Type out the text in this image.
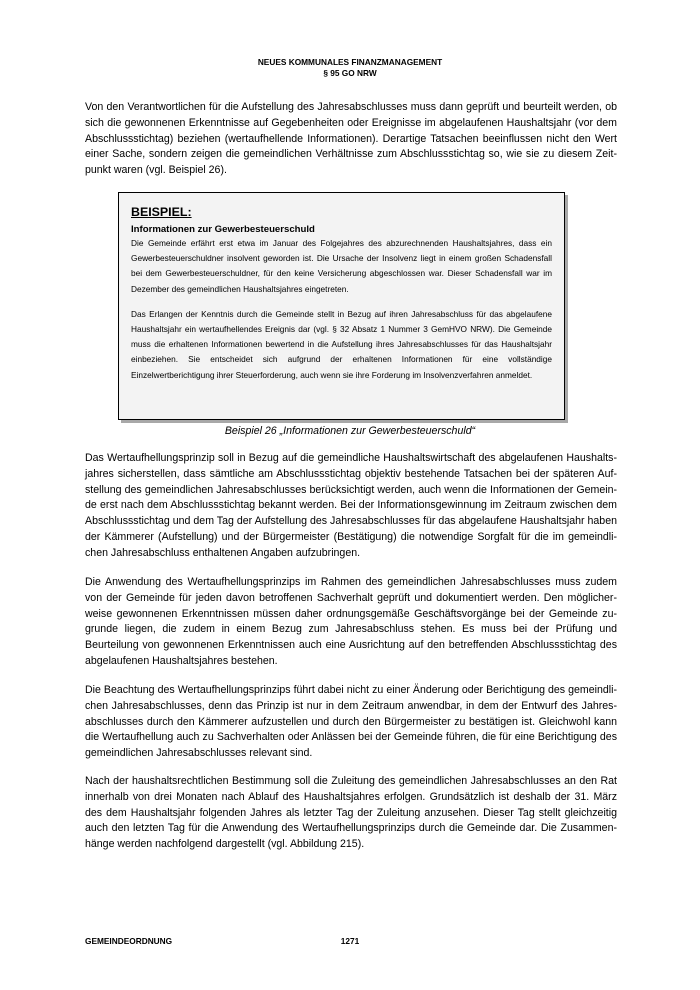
NEUES KOMMUNALES FINANZMANAGEMENT
§ 95 GO NRW

Von den Verantwortlichen für die Aufstellung des Jahresabschlusses muss dann geprüft und beurteilt werden, ob sich die gewonnenen Erkenntnisse auf Gegebenheiten oder Ereignisse im abgelaufenen Haushaltsjahr (vor dem Abschlussstichtag) beziehen (wertaufhellende Informationen). Derartige Tatsachen beeinflussen nicht den Wert einer Sache, sondern zeigen die gemeindlichen Verhältnisse zum Abschlussstichtag so, wie sie zu diesem Zeitpunkt waren (vgl. Beispiel 26).

BEISPIEL:

Informationen zur Gewerbesteuerschuld

Die Gemeinde erfährt erst etwa im Januar des Folgejahres des abzurechnenden Haushaltsjahres, dass ein Gewerbesteuerschuldner insolvent geworden ist. Die Ursache der Insolvenz liegt in einem großen Schadensfall bei dem Gewerbesteuerschuldner, für den keine Versicherung abgeschlossen war. Dieser Schadensfall war im Dezember des gemeindlichen Haushaltsjahres eingetreten.

Das Erlangen der Kenntnis durch die Gemeinde stellt in Bezug auf ihren Jahresabschluss für das abgelaufene Haushaltsjahr ein wertaufhellendes Ereignis dar (vgl. § 32 Absatz 1 Nummer 3 GemHVO NRW). Die Gemeinde muss die erhaltenen Informationen bewertend in die Aufstellung ihres Jahresabschlusses für das Haushaltsjahr einbeziehen. Sie entscheidet sich aufgrund der erhaltenen Informationen für eine vollständige Einzelwertberichtigung ihrer Steuerforderung, auch wenn sie ihre Forderung im Insolvenzverfahren anmeldet.

Beispiel 26 „Informationen zur Gewerbesteuerschuld“

Das Wertaufhellungsprinzip soll in Bezug auf die gemeindliche Haushaltswirtschaft des abgelaufenen Haushaltsjahres sicherstellen, dass sämtliche am Abschlussstichtag objektiv bestehende Tatsachen bei der späteren Aufstellung des gemeindlichen Jahresabschlusses berücksichtigt werden, auch wenn die Informationen der Gemeinde erst nach dem Abschlussstichtag bekannt werden. Bei der Informationsgewinnung im Zeitraum zwischen dem Abschlussstichtag und dem Tag der Aufstellung des Jahresabschlusses für das abgelaufene Haushaltsjahr haben der Kämmerer (Aufstellung) und der Bürgermeister (Bestätigung) die notwendige Sorgfalt für die im gemeindlichen Jahresabschluss enthaltenen Angaben aufzubringen.

Die Anwendung des Wertaufhellungsprinzips im Rahmen des gemeindlichen Jahresabschlusses muss zudem von der Gemeinde für jeden davon betroffenen Sachverhalt geprüft und dokumentiert werden. Den möglicherweise gewonnenen Erkenntnissen müssen daher ordnungsgemäße Geschäftsvorgänge bei der Gemeinde zugrunde liegen, die zudem in einem Bezug zum Jahresabschluss stehen. Es muss bei der Prüfung und Beurteilung von gewonnenen Erkenntnissen auch eine Ausrichtung auf den betreffenden Abschlussstichtag des abgelaufenen Haushaltsjahres bestehen.

Die Beachtung des Wertaufhellungsprinzips führt dabei nicht zu einer Änderung oder Berichtigung des gemeindlichen Jahresabschlusses, denn das Prinzip ist nur in dem Zeitraum anwendbar, in dem der Entwurf des Jahresabschlusses durch den Kämmerer aufzustellen und durch den Bürgermeister zu bestätigen ist. Gleichwohl kann die Wertaufhellung auch zu Sachverhalten oder Anlässen bei der Gemeinde führen, die für eine Berichtigung des gemeindlichen Jahresabschlusses relevant sind.

Nach der haushaltsrechtlichen Bestimmung soll die Zuleitung des gemeindlichen Jahresabschlusses an den Rat innerhalb von drei Monaten nach Ablauf des Haushaltsjahres erfolgen. Grundsätzlich ist deshalb der 31. März des dem Haushaltsjahr folgenden Jahres als letzter Tag der Zuleitung anzusehen. Dieser Tag stellt gleichzeitig auch den letzten Tag für die Anwendung des Wertaufhellungsprinzips durch die Gemeinde dar. Die Zusammenhänge werden nachfolgend dargestellt (vgl. Abbildung 215).

GEMEINDEORDNUNG	1271
